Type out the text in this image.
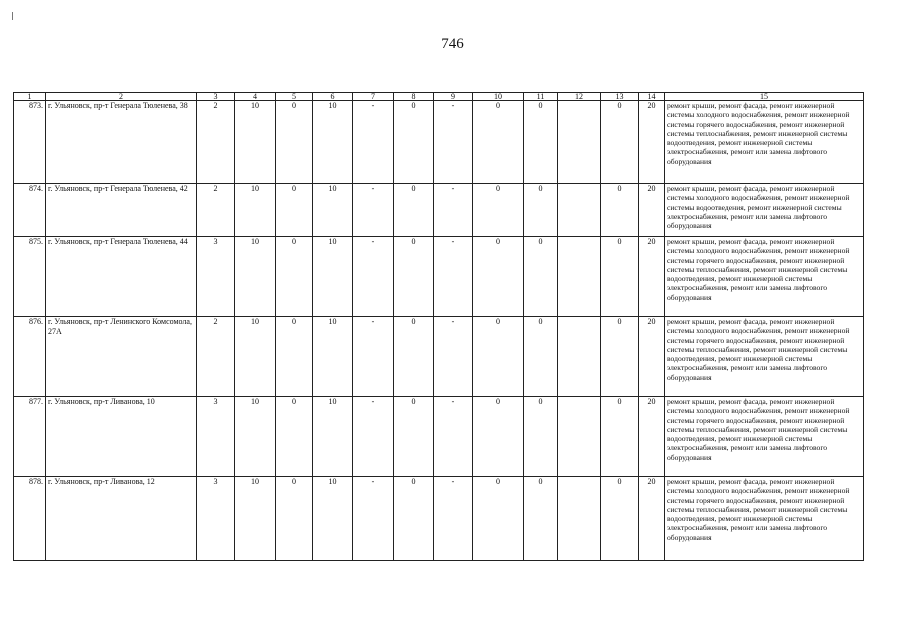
746
1	2	3	4	5	6	7	8	9	10	11	12	13	14	15
873.	г. Ульяновск, пр-т Генерала Тюленева, 38	2	10	0	10	-	0	-	0	0		0	20	ремонт крыши, ремонт фасада, ремонт инженерной системы холодного водоснабжения, ремонт инженерной системы горячего водоснабжения, ремонт инженерной системы теплоснабжения, ремонт инженерной системы водоотведения, ремонт инженерной системы электроснабжения, ремонт или замена лифтового оборудования
874.	г. Ульяновск, пр-т Генерала Тюленева, 42	2	10	0	10	-	0	-	0	0		0	20	ремонт крыши, ремонт фасада, ремонт инженерной системы холодного водоснабжения, ремонт инженерной системы водоотведения, ремонт инженерной системы электроснабжения, ремонт или замена лифтового оборудования
875.	г. Ульяновск, пр-т Генерала Тюленева, 44	3	10	0	10	-	0	-	0	0		0	20	ремонт крыши, ремонт фасада, ремонт инженерной системы холодного водоснабжения, ремонт инженерной системы горячего водоснабжения, ремонт инженерной системы теплоснабжения, ремонт инженерной системы водоотведения, ремонт инженерной системы электроснабжения, ремонт или замена лифтового оборудования
876.	г. Ульяновск, пр-т Ленинского Комсомола, 27А	2	10	0	10	-	0	-	0	0		0	20	ремонт крыши, ремонт фасада, ремонт инженерной системы холодного водоснабжения, ремонт инженерной системы горячего водоснабжения, ремонт инженерной системы теплоснабжения, ремонт инженерной системы водоотведения, ремонт инженерной системы электроснабжения, ремонт или замена лифтового оборудования
877.	г. Ульяновск, пр-т Ливанова, 10	3	10	0	10	-	0	-	0	0		0	20	ремонт крыши, ремонт фасада, ремонт инженерной системы холодного водоснабжения, ремонт инженерной системы горячего водоснабжения, ремонт инженерной системы теплоснабжения, ремонт инженерной системы водоотведения, ремонт инженерной системы электроснабжения, ремонт или замена лифтового оборудования
878.	г. Ульяновск, пр-т Ливанова, 12	3	10	0	10	-	0	-	0	0		0	20	ремонт крыши, ремонт фасада, ремонт инженерной системы холодного водоснабжения, ремонт инженерной системы горячего водоснабжения, ремонт инженерной системы теплоснабжения, ремонт инженерной системы водоотведения, ремонт инженерной системы электроснабжения, ремонт или замена лифтового оборудования
